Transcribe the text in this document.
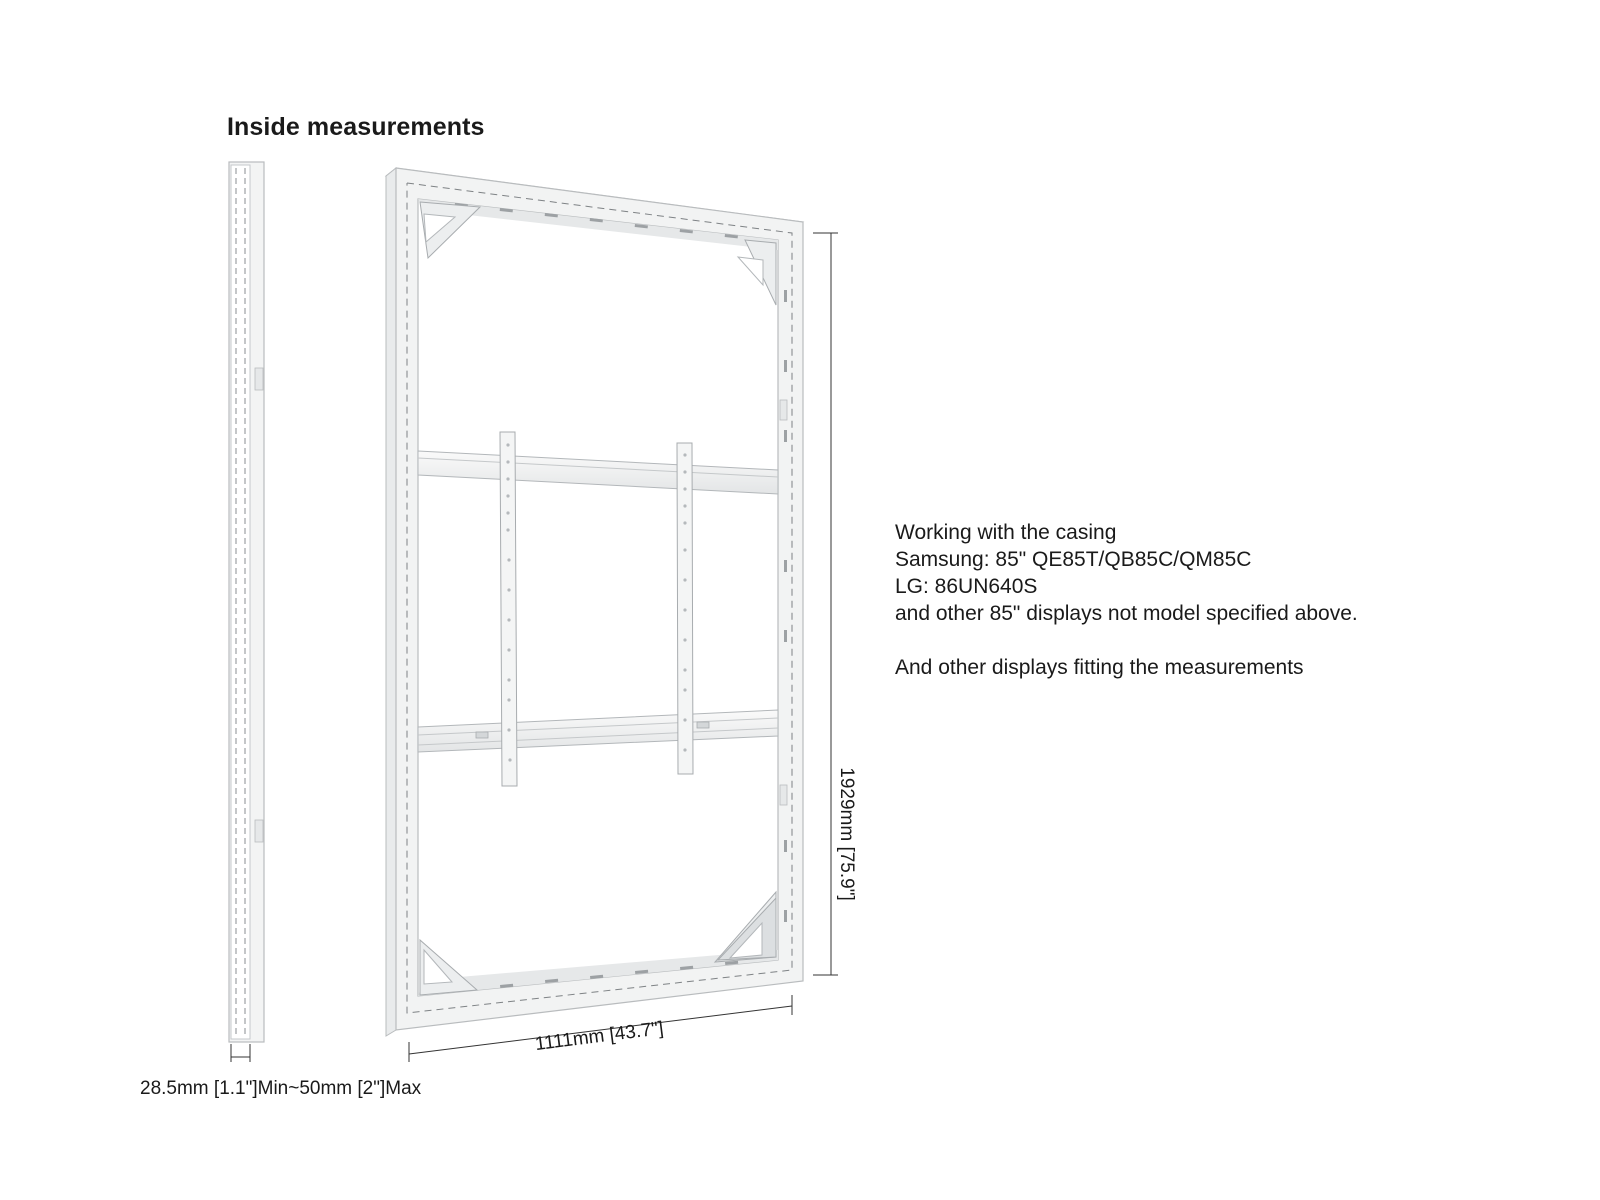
Inside measurements
1111mm [43.7"]
1929mm [75.9"]
28.5mm [1.1"]Min~50mm [2"]Max
Working with the casing
Samsung: 85" QE85T/QB85C/QM85C
LG: 86UN640S
and other 85" displays not model specified above.
And other displays fitting the measurements
